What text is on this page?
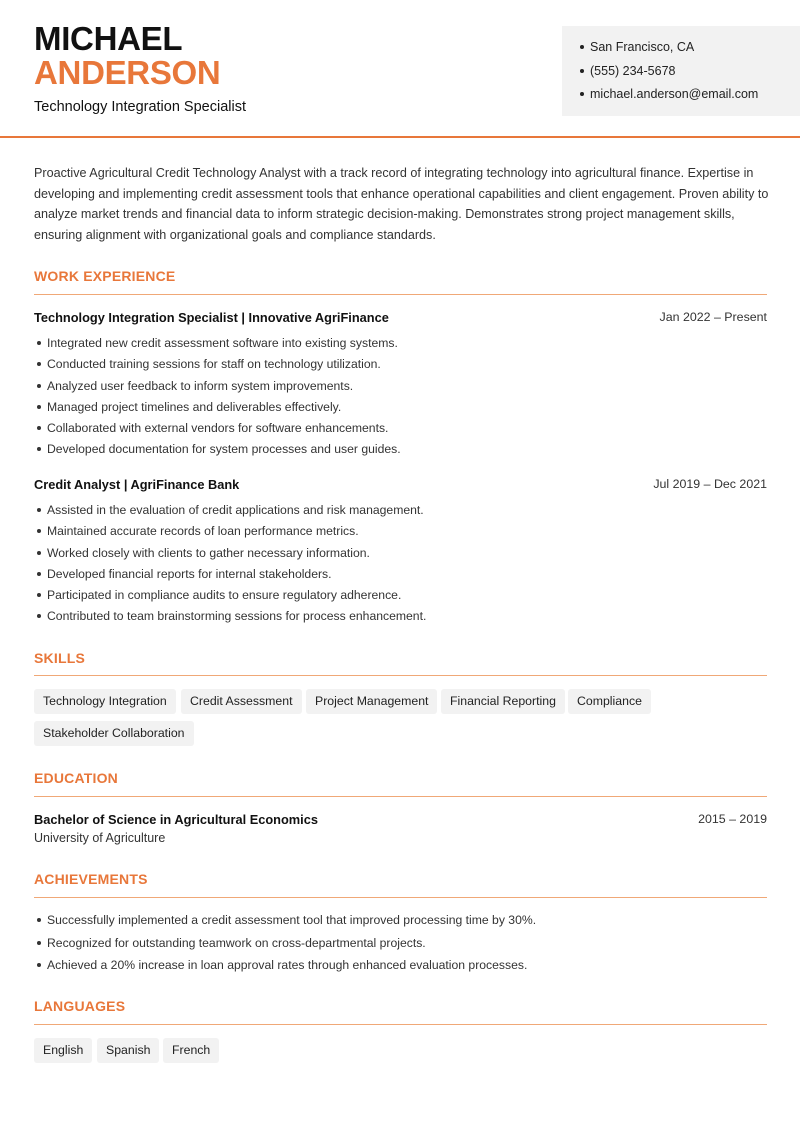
MICHAEL
ANDERSON
Technology Integration Specialist
San Francisco, CA
(555) 234-5678
michael.anderson@email.com
Proactive Agricultural Credit Technology Analyst with a track record of integrating technology into agricultural finance. Expertise in developing and implementing credit assessment tools that enhance operational capabilities and client engagement. Proven ability to analyze market trends and financial data to inform strategic decision-making. Demonstrates strong project management skills, ensuring alignment with organizational goals and compliance standards.
WORK EXPERIENCE
Technology Integration Specialist | Innovative AgriFinance	Jan 2022 – Present
Integrated new credit assessment software into existing systems.
Conducted training sessions for staff on technology utilization.
Analyzed user feedback to inform system improvements.
Managed project timelines and deliverables effectively.
Collaborated with external vendors for software enhancements.
Developed documentation for system processes and user guides.
Credit Analyst | AgriFinance Bank	Jul 2019 – Dec 2021
Assisted in the evaluation of credit applications and risk management.
Maintained accurate records of loan performance metrics.
Worked closely with clients to gather necessary information.
Developed financial reports for internal stakeholders.
Participated in compliance audits to ensure regulatory adherence.
Contributed to team brainstorming sessions for process enhancement.
SKILLS
Technology Integration	Credit Assessment	Project Management	Financial Reporting	Compliance
Stakeholder Collaboration
EDUCATION
Bachelor of Science in Agricultural Economics	2015 – 2019
University of Agriculture
ACHIEVEMENTS
Successfully implemented a credit assessment tool that improved processing time by 30%.
Recognized for outstanding teamwork on cross-departmental projects.
Achieved a 20% increase in loan approval rates through enhanced evaluation processes.
LANGUAGES
English	Spanish	French
